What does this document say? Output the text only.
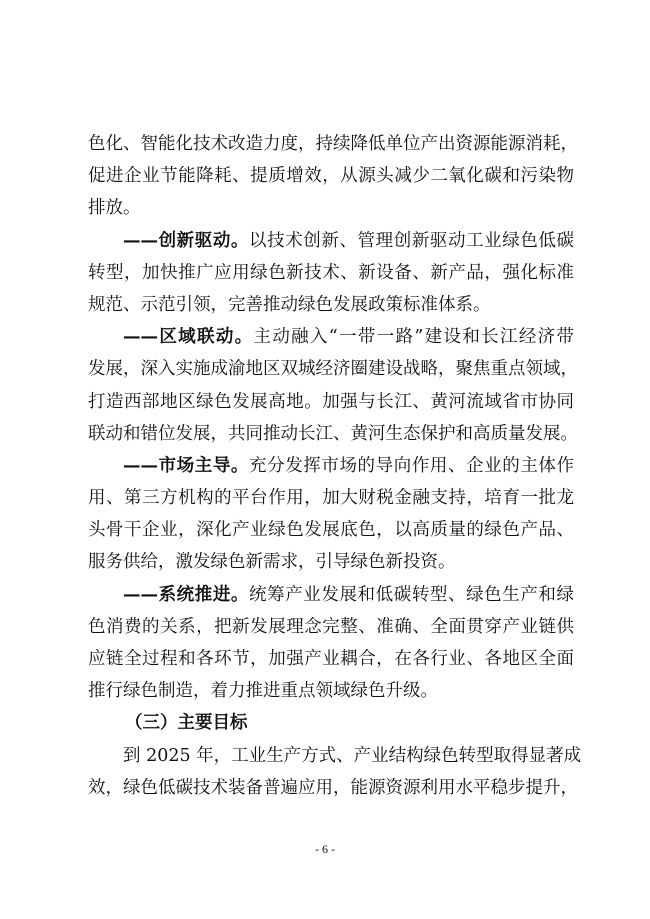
色化、智能化技术改造力度，持续降低单位产出资源能源消耗，
促进企业节能降耗、提质增效，从源头减少二氧化碳和污染物
排放。
——创新驱动。以技术创新、管理创新驱动工业绿色低碳
转型，加快推广应用绿色新技术、新设备、新产品，强化标准
规范、示范引领，完善推动绿色发展政策标准体系。
——区域联动。主动融入“一带一路”建设和长江经济带
发展，深入实施成渝地区双城经济圈建设战略，聚焦重点领域，
打造西部地区绿色发展高地。加强与长江、黄河流域省市协同
联动和错位发展，共同推动长江、黄河生态保护和高质量发展。
——市场主导。充分发挥市场的导向作用、企业的主体作
用、第三方机构的平台作用，加大财税金融支持，培育一批龙
头骨干企业，深化产业绿色发展底色，以高质量的绿色产品、
服务供给，激发绿色新需求，引导绿色新投资。
——系统推进。统筹产业发展和低碳转型、绿色生产和绿
色消费的关系，把新发展理念完整、准确、全面贯穿产业链供
应链全过程和各环节，加强产业耦合，在各行业、各地区全面
推行绿色制造，着力推进重点领域绿色升级。
（三）主要目标
到 2025 年，工业生产方式、产业结构绿色转型取得显著成
效，绿色低碳技术装备普遍应用，能源资源利用水平稳步提升，
- 6 -
